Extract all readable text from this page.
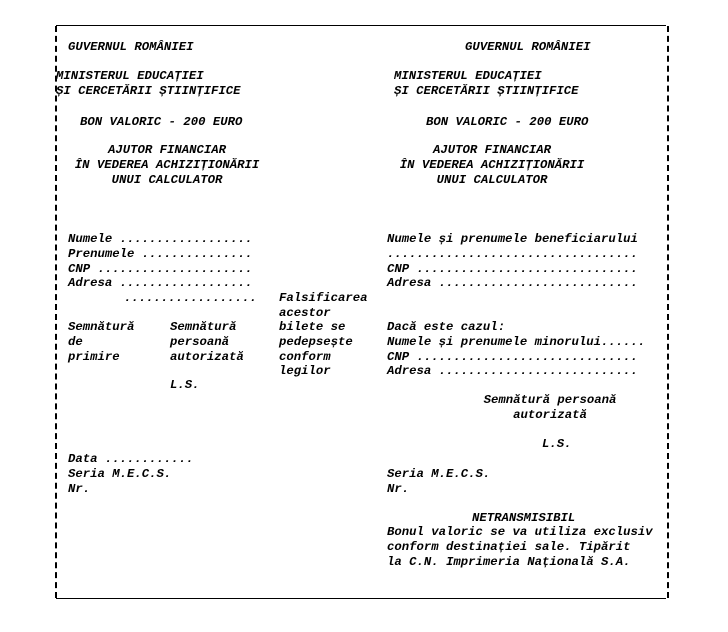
GUVERNUL ROMÂNIEI
MINISTERUL EDUCAȚIEI
ȘI CERCETĂRII ȘTIINȚIFICE
BON VALORIC - 200 EURO
AJUTOR FINANCIAR
ÎN VEDEREA ACHIZIȚIONĂRII
UNUI CALCULATOR
Numele ..................
Prenumele ...............
CNP .....................
Adresa ..................
..................
Semnătură
de
primire
Semnătură
persoană
autorizată
L.S.
Data ............
Seria M.E.C.S.
Nr.
Falsificarea
acestor
bilete se
pedepsește
conform
legilor
GUVERNUL ROMÂNIEI
MINISTERUL EDUCAȚIEI
ȘI CERCETĂRII ȘTIINȚIFICE
BON VALORIC - 200 EURO
AJUTOR FINANCIAR
ÎN VEDEREA ACHIZIȚIONĂRII
UNUI CALCULATOR
Numele și prenumele beneficiarului
..................................
CNP ..............................
Adresa ...........................
Dacă este cazul:
Numele și prenumele minorului......
CNP ..............................
Adresa ...........................
Semnătură persoană
autorizată
L.S.
Seria M.E.C.S.
Nr.
NETRANSMISIBIL
Bonul valoric se va utiliza exclusiv
conform destinației sale. Tipărit
la C.N. Imprimeria Națională S.A.
